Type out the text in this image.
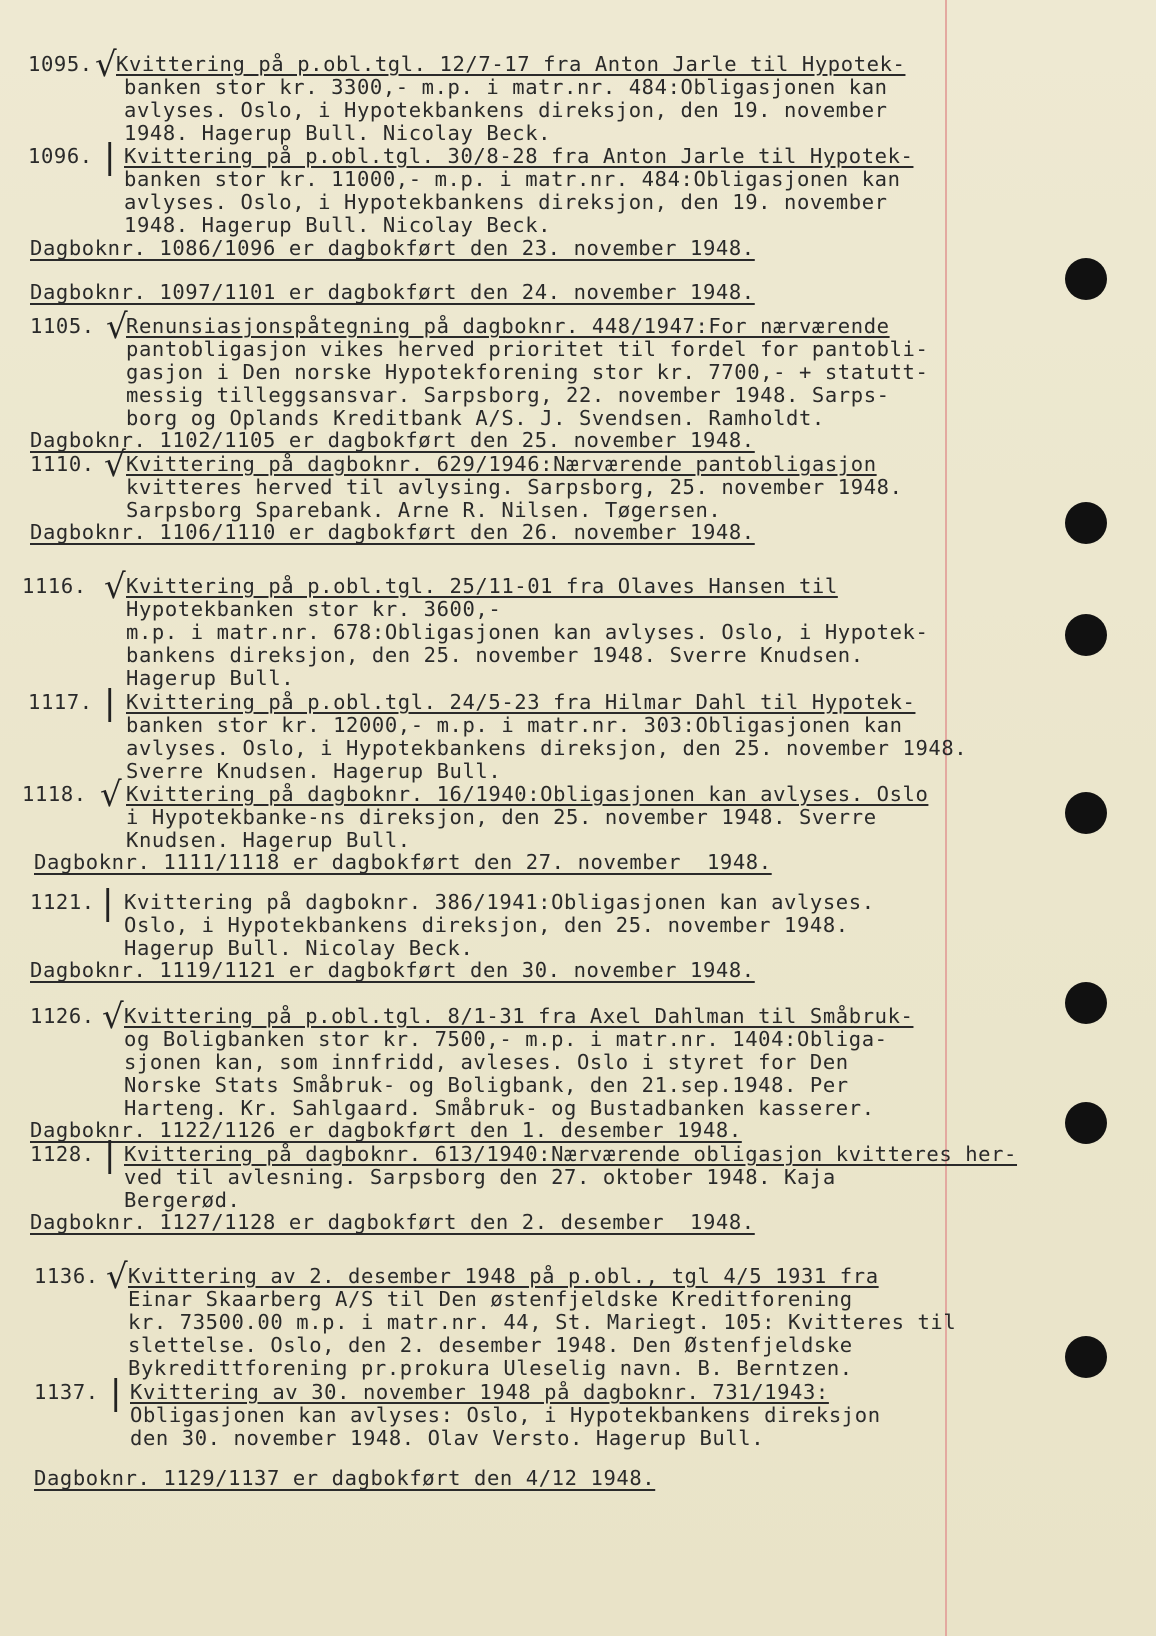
1095. √ Kvittering på p.obl.tgl. 12/7-17 fra Anton Jarle til Hypotek-
banken stor kr. 3300,- m.p. i matr.nr. 484:Obligasjonen kan
avlyses. Oslo, i Hypotekbankens direksjon, den 19. november
1948. Hagerup Bull. Nicolay Beck.
1096. | Kvittering på p.obl.tgl. 30/8-28 fra Anton Jarle til Hypotek-
banken stor kr. 11000,- m.p. i matr.nr. 484:Obligasjonen kan
avlyses. Oslo, i Hypotekbankens direksjon, den 19. november
1948. Hagerup Bull. Nicolay Beck.
Dagboknr. 1086/1096 er dagbokført den 23. november 1948.
Dagboknr. 1097/1101 er dagbokført den 24. november 1948.
1105. √
Renunsiasjonspåtegning på dagboknr. 448/1947:For nærværende
pantobligasjon vikes herved prioritet til fordel for pantobli-
gasjon i Den norske Hypotekforening stor kr. 7700,- + statutt-
messig tilleggsansvar. Sarpsborg, 22. november 1948. Sarps-
borg og Oplands Kreditbank A/S. J. Svendsen. Ramholdt.
Dagboknr. 1102/1105 er dagbokført den 25. november 1948.
1110. √ Kvittering på dagboknr. 629/1946:Nærværende pantobligasjon
kvitteres herved til avlysing. Sarpsborg, 25. november 1948.
Sarpsborg Sparebank. Arne R. Nilsen. Tøgersen.
Dagboknr. 1106/1110 er dagbokført den 26. november 1948.
1116. √ Kvittering på p.obl.tgl. 25/11-01 fra Olaves Hansen til
Hypotekbanken stor kr. 3600,-
m.p. i matr.nr. 678:Obligasjonen kan avlyses. Oslo, i Hypotek-
bankens direksjon, den 25. november 1948. Sverre Knudsen.
Hagerup Bull.
1117. | Kvittering på p.obl.tgl. 24/5-23 fra Hilmar Dahl til Hypotek-
banken stor kr. 12000,- m.p. i matr.nr. 303:Obligasjonen kan
avlyses. Oslo, i Hypotekbankens direksjon, den 25. november 1948.
Sverre Knudsen. Hagerup Bull.
1118. √ Kvittering på dagboknr. 16/1940:Obligasjonen kan avlyses. Oslo
i Hypotekbanke-ns direksjon, den 25. november 1948. Sverre
Knudsen. Hagerup Bull.
Dagboknr. 1111/1118 er dagbokført den 27. november  1948.
1121. | Kvittering på dagboknr. 386/1941:Obligasjonen kan avlyses.
Oslo, i Hypotekbankens direksjon, den 25. november 1948.
Hagerup Bull. Nicolay Beck.
Dagboknr. 1119/1121 er dagbokført den 30. november 1948.
1126. √ Kvittering på p.obl.tgl. 8/1-31 fra Axel Dahlman til Småbruk-
og Boligbanken stor kr. 7500,- m.p. i matr.nr. 1404:Obliga-
sjonen kan, som innfridd, avleses. Oslo i styret for Den
Norske Stats Småbruk- og Boligbank, den 21.sep.1948. Per
Harteng. Kr. Sahlgaard. Småbruk- og Bustadbanken kasserer.
Dagboknr. 1122/1126 er dagbokført den 1. desember 1948.
1128. | Kvittering på dagboknr. 613/1940:Nærværende obligasjon kvitteres her-
ved til avlesning. Sarpsborg den 27. oktober 1948. Kaja
Bergerød.
Dagboknr. 1127/1128 er dagbokført den 2. desember  1948.
1136. √ Kvittering av 2. desember 1948 på p.obl., tgl 4/5 1931 fra
Einar Skaarberg A/S til Den østenfjeldske Kreditforening
kr. 73500.00 m.p. i matr.nr. 44, St. Mariegt. 105: Kvitteres til
slettelse. Oslo, den 2. desember 1948. Den Østenfjeldske
Bykredittforening pr.prokura Uleselig navn. B. Berntzen.
1137. | Kvittering av 30. november 1948 på dagboknr. 731/1943:
Obligasjonen kan avlyses: Oslo, i Hypotekbankens direksjon
den 30. november 1948. Olav Versto. Hagerup Bull.
Dagboknr. 1129/1137 er dagbokført den 4/12 1948.
